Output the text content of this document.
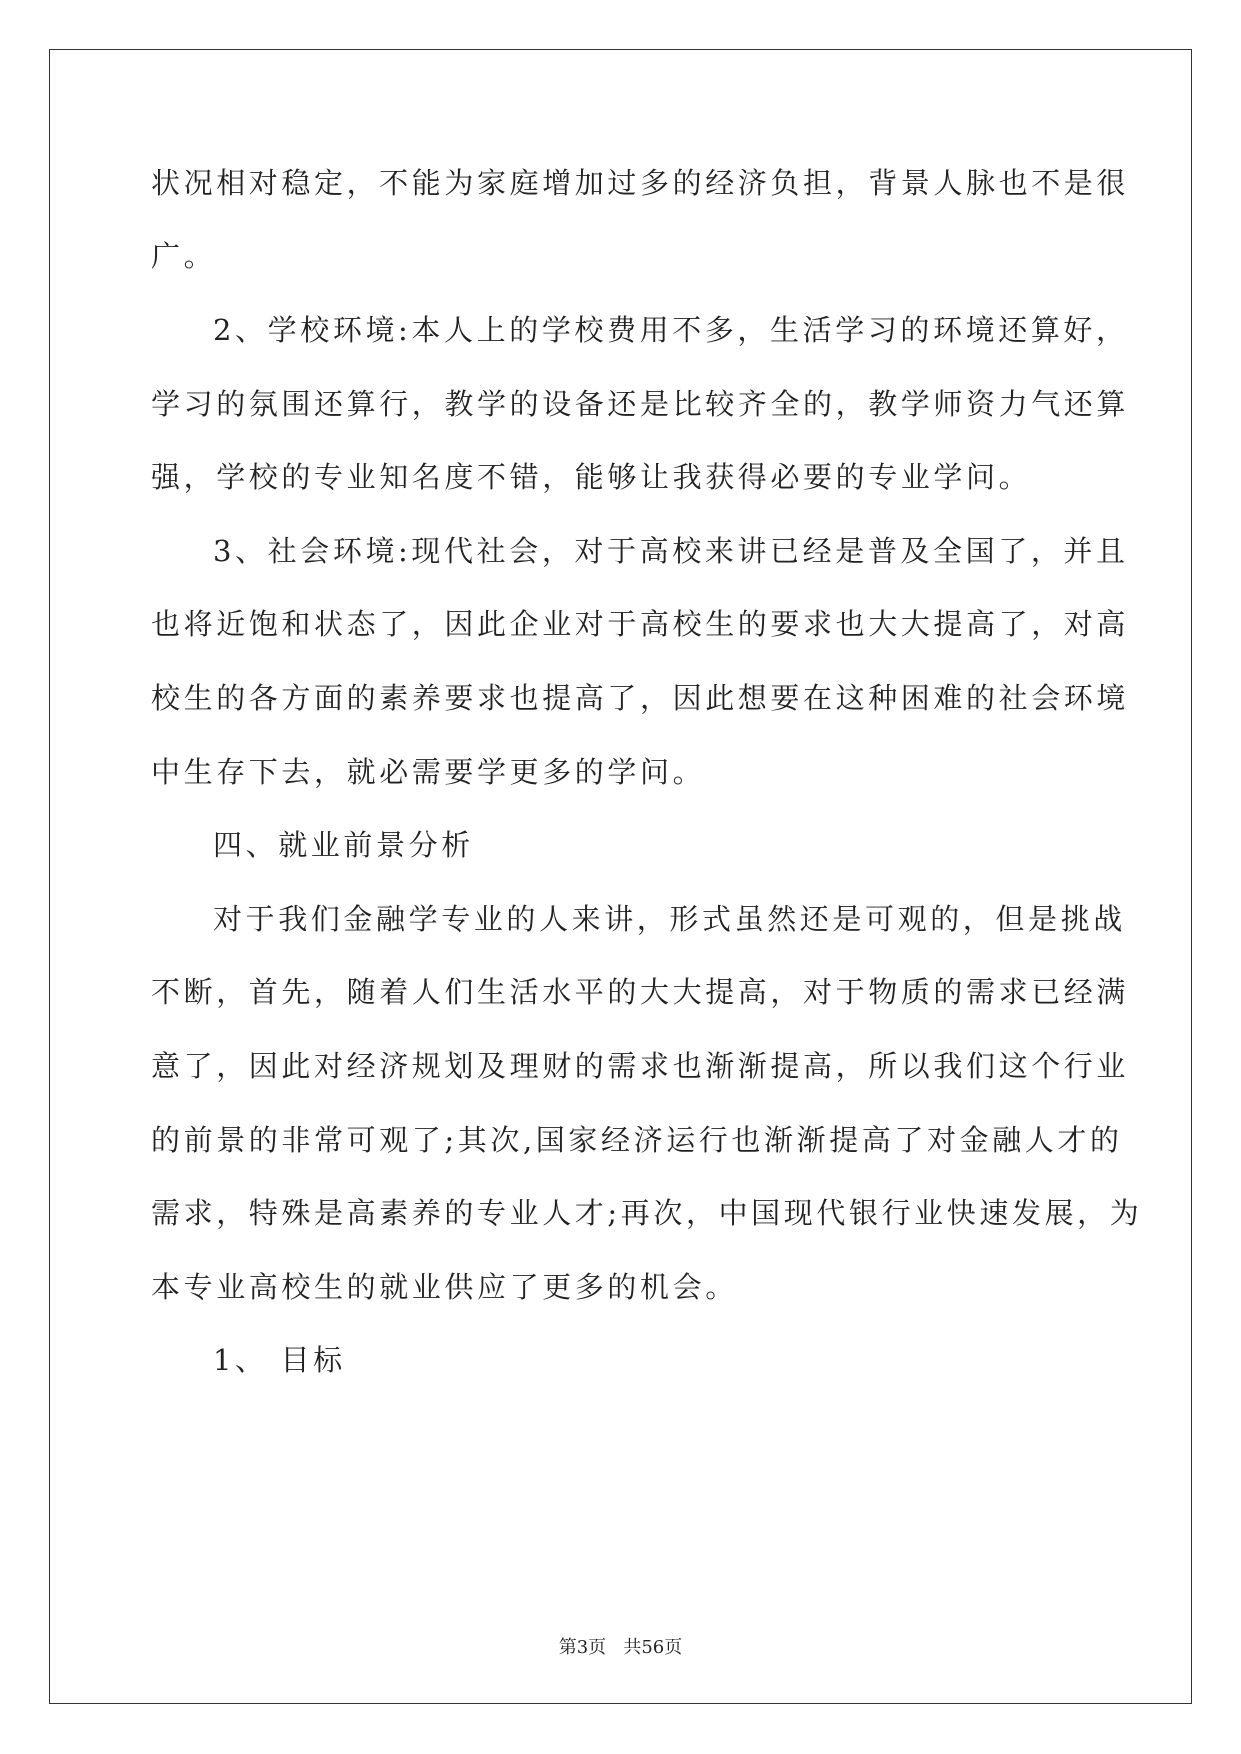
状况相对稳定，不能为家庭增加过多的经济负担，背景人脉也不是很
广。
2、学校环境:本人上的学校费用不多，生活学习的环境还算好，
学习的氛围还算行，教学的设备还是比较齐全的，教学师资力气还算
强，学校的专业知名度不错，能够让我获得必要的专业学问。
3、社会环境:现代社会，对于高校来讲已经是普及全国了，并且
也将近饱和状态了，因此企业对于高校生的要求也大大提高了，对高
校生的各方面的素养要求也提高了，因此想要在这种困难的社会环境
中生存下去，就必需要学更多的学问。
四、就业前景分析
对于我们金融学专业的人来讲，形式虽然还是可观的，但是挑战
不断，首先，随着人们生活水平的大大提高，对于物质的需求已经满
意了，因此对经济规划及理财的需求也渐渐提高，所以我们这个行业
的前景的非常可观了;其次,国家经济运行也渐渐提高了对金融人才的
需求，特殊是高素养的专业人才;再次，中国现代银行业快速发展，为
本专业高校生的就业供应了更多的机会。
1、 目标
第3页   共56页
